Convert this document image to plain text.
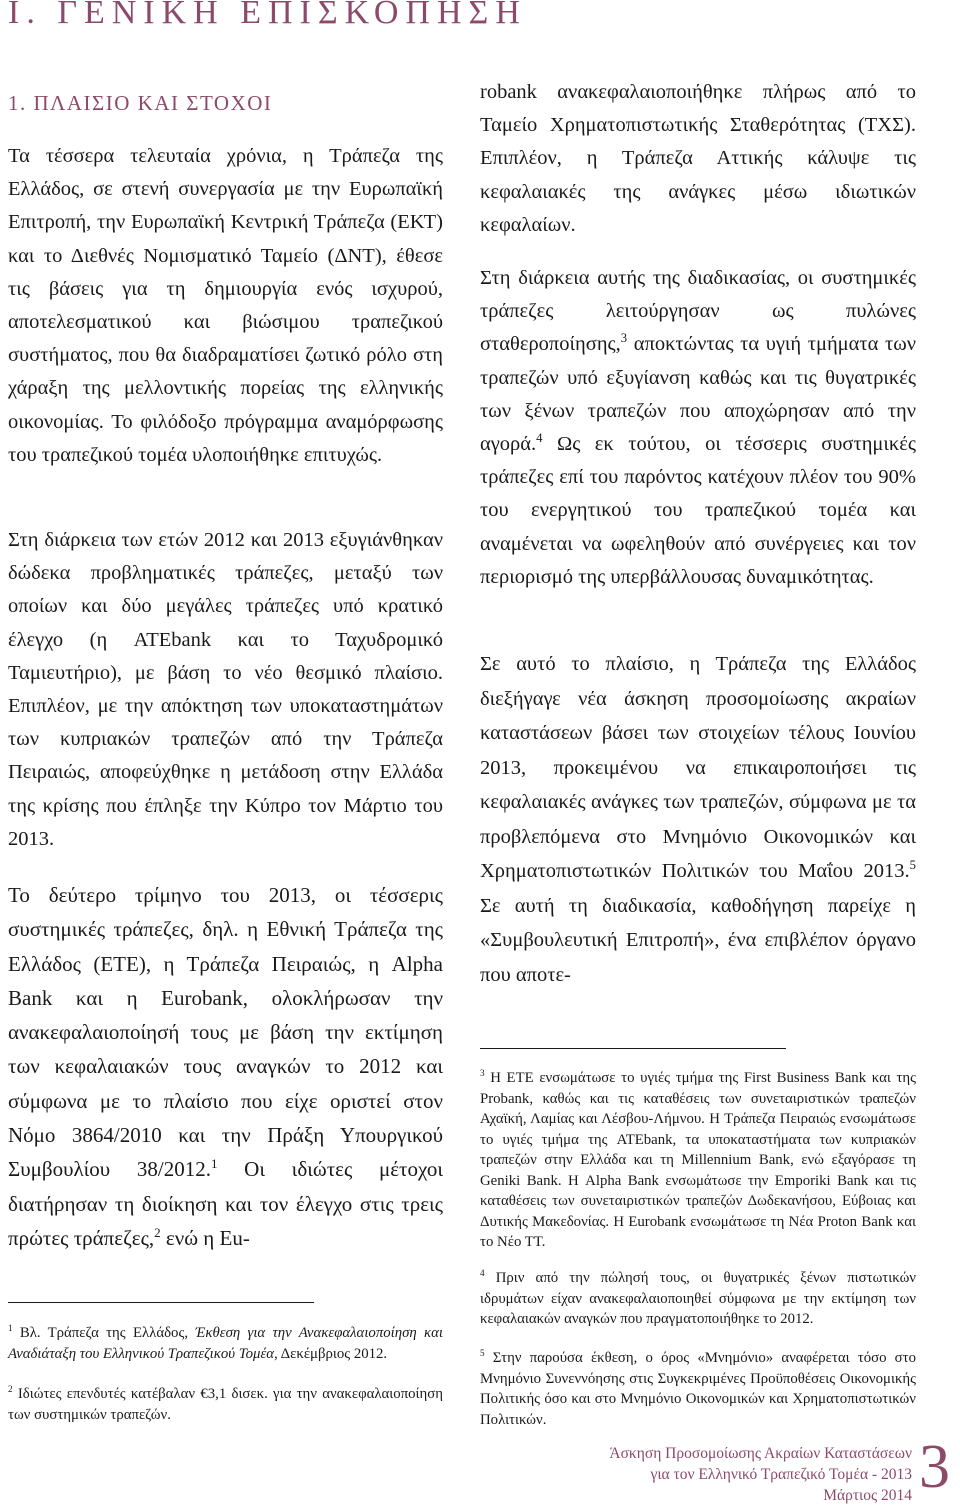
I. ΓΕΝΙΚΗ ΕΠΙΣΚΟΠΗΣΗ
1. ΠΛΑΙΣΙΟ ΚΑΙ ΣΤΟΧΟΙ

Τα τέσσερα τελευταία χρόνια, η Τράπεζα της Ελλάδος, σε στενή συνεργασία με την Ευρωπαϊκή Επιτροπή, την Ευρωπαϊκή Κεντρική Τράπεζα (ΕΚΤ) και το Διεθνές Νομισματικό Ταμείο (ΔΝΤ), έθεσε τις βάσεις για τη δημιουργία ενός ισχυρού, αποτελεσματικού και βιώσιμου τραπεζικού συστήματος, που θα διαδραματίσει ζωτικό ρόλο στη χάραξη της μελλοντικής πορείας της ελληνικής οικονομίας. Το φιλόδοξο πρόγραμμα αναμόρφωσης του τραπεζικού τομέα υλοποιήθηκε επιτυχώς.

Στη διάρκεια των ετών 2012 και 2013 εξυγιάνθηκαν δώδεκα προβληματικές τράπεζες, μεταξύ των οποίων και δύο μεγάλες τράπεζες υπό κρατικό έλεγχο (η ATEbank και το Ταχυδρομικό Ταμιευτήριο), με βάση το νέο θεσμικό πλαίσιο. Επιπλέον, με την απόκτηση των υποκαταστημάτων των κυπριακών τραπεζών από την Τράπεζα Πειραιώς, αποφεύχθηκε η μετάδοση στην Ελλάδα της κρίσης που έπληξε την Κύπρο τον Μάρτιο του 2013.

Το δεύτερο τρίμηνο του 2013, οι τέσσερις συστημικές τράπεζες, δηλ. η Εθνική Τράπεζα της Ελλάδος (ΕΤΕ), η Τράπεζα Πειραιώς, η Alpha Bank και η Eurobank, ολοκλήρωσαν την ανακεφαλαιοποίησή τους με βάση την εκτίμηση των κεφαλαιακών τους αναγκών το 2012 και σύμφωνα με το πλαίσιο που είχε οριστεί στον Νόμο 3864/2010 και την Πράξη Υπουργικού Συμβουλίου 38/2012.$^1$ Οι ιδιώτες μέτοχοι διατήρησαν τη διοίκηση και τον έλεγχο στις τρεις πρώτες τράπεζες,$^2$ ενώ η Eu-

$^1$ Βλ. Τράπεζα της Ελλάδος, Έκθεση για την Ανακεφαλαιοποίηση και Αναδιάταξη του Ελληνικού Τραπεζικού Τομέα, Δεκέμβριος 2012.
$^2$ Ιδιώτες επενδυτές κατέβαλαν €3,1 δισεκ. για την ανακεφαλαιοποίηση των συστημικών τραπεζών.

robank ανακεφαλαιοποιήθηκε πλήρως από το Ταμείο Χρηματοπιστωτικής Σταθερότητας (ΤΧΣ). Επιπλέον, η Τράπεζα Αττικής κάλυψε τις κεφαλαιακές της ανάγκες μέσω ιδιωτικών κεφαλαίων.

Στη διάρκεια αυτής της διαδικασίας, οι συστημικές τράπεζες λειτούργησαν ως πυλώνες σταθεροποίησης,$^3$ αποκτώντας τα υγιή τμήματα των τραπεζών υπό εξυγίανση καθώς και τις θυγατρικές των ξένων τραπεζών που αποχώρησαν από την αγορά.$^4$ Ως εκ τούτου, οι τέσσερις συστημικές τράπεζες επί του παρόντος κατέχουν πλέον του 90% του ενεργητικού του τραπεζικού τομέα και αναμένεται να ωφεληθούν από συνέργειες και τον περιορισμό της υπερβάλλουσας δυναμικότητας.

Σε αυτό το πλαίσιο, η Τράπεζα της Ελλάδος διεξήγαγε νέα άσκηση προσομοίωσης ακραίων καταστάσεων βάσει των στοιχείων τέλους Ιουνίου 2013, προκειμένου να επικαιροποιήσει τις κεφαλαιακές ανάγκες των τραπεζών, σύμφωνα με τα προβλεπόμενα στο Μνημόνιο Οικονομικών και Χρηματοπιστωτικών Πολιτικών του Μαΐου 2013.$^5$ Σε αυτή τη διαδικασία, καθοδήγηση παρείχε η «Συμβουλευτική Επιτροπή», ένα επιβλέπον όργανο που αποτε-

$^3$ Η ΕΤΕ ενσωμάτωσε το υγιές τμήμα της First Business Bank και της Probank, καθώς και τις καταθέσεις των συνεταιριστικών τραπεζών Αχαϊκή, Λαμίας και Λέσβου-Λήμνου. Η Τράπεζα Πειραιώς ενσωμάτωσε το υγιές τμήμα της ATEbank, τα υποκαταστήματα των κυπριακών τραπεζών στην Ελλάδα και τη Millennium Bank, ενώ εξαγόρασε τη Geniki Bank. Η Alpha Bank ενσωμάτωσε την Emporiki Bank και τις καταθέσεις των συνεταιριστικών τραπεζών Δωδεκανήσου, Εύβοιας και Δυτικής Μακεδονίας. Η Eurobank ενσωμάτωσε τη Νέα Proton Bank και το Νέο ΤΤ.
$^4$ Πριν από την πώλησή τους, οι θυγατρικές ξένων πιστωτικών ιδρυμάτων είχαν ανακεφαλαιοποιηθεί σύμφωνα με την εκτίμηση των κεφαλαιακών αναγκών που πραγματοποιήθηκε το 2012.
$^5$ Στην παρούσα έκθεση, ο όρος «Μνημόνιο» αναφέρεται τόσο στο Μνημόνιο Συνεννόησης στις Συγκεκριμένες Προϋποθέσεις Οικονομικής Πολιτικής όσο και στο Μνημόνιο Οικονομικών και Χρηματοπιστωτικών Πολιτικών.
Άσκηση Προσομοίωσης Ακραίων Καταστάσεων
για τον Ελληνικό Τραπεζικό Τομέα - 2013
Μάρτιος 2014 3
